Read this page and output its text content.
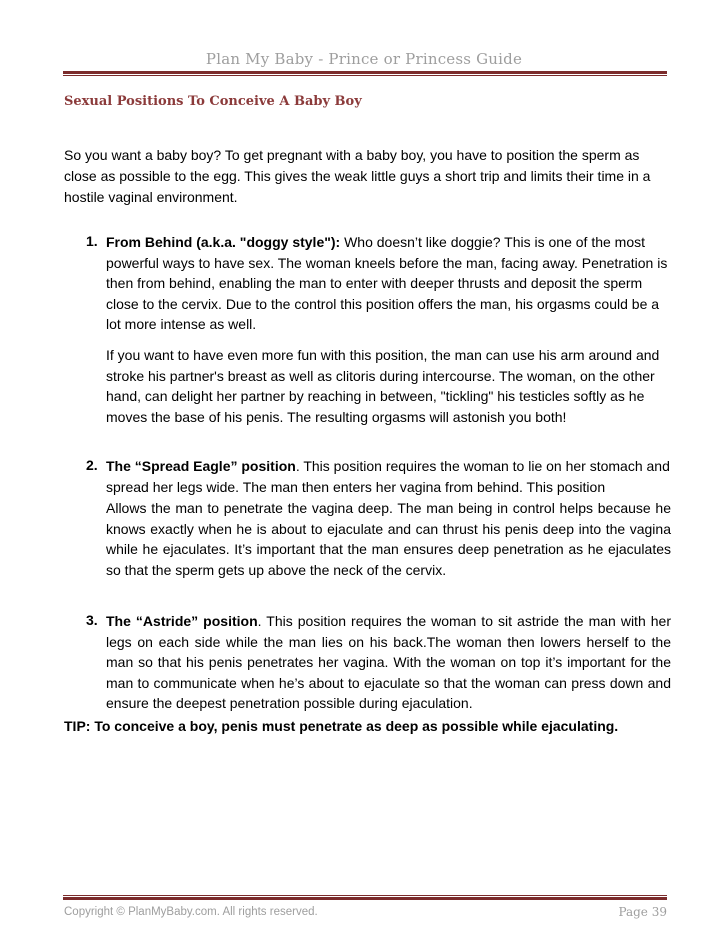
Plan My Baby - Prince or Princess Guide
Sexual Positions To Conceive A Baby Boy

So you want a baby boy? To get pregnant with a baby boy, you have to position the sperm as close as possible to the egg. This gives the weak little guys a short trip and limits their time in a hostile vaginal environment.

1. From Behind (a.k.a. "doggy style"): Who doesn’t like doggie? This is one of the most powerful ways to have sex. The woman kneels before the man, facing away. Penetration is then from behind, enabling the man to enter with deeper thrusts and deposit the sperm close to the cervix. Due to the control this position offers the man, his orgasms could be a lot more intense as well.

If you want to have even more fun with this position, the man can use his arm around and stroke his partner's breast as well as clitoris during intercourse. The woman, on the other hand, can delight her partner by reaching in between, "tickling" his testicles softly as he moves the base of his penis. The resulting orgasms will astonish you both!

2. The “Spread Eagle” position. This position requires the woman to lie on her stomach and spread her legs wide. The man then enters her vagina from behind. This position

Allows the man to penetrate the vagina deep. The man being in control helps because he knows exactly when he is about to ejaculate and can thrust his penis deep into the vagina while he ejaculates. It’s important that the man ensures deep penetration as he ejaculates so that the sperm gets up above the neck of the cervix.

3. The “Astride” position. This position requires the woman to sit astride the man with her legs on each side while the man lies on his back.The woman then lowers herself to the man so that his penis penetrates her vagina. With the woman on top it’s important for the man to communicate when he’s about to ejaculate so that the woman can press down and ensure the deepest penetration possible during ejaculation.

TIP: To conceive a boy, penis must penetrate as deep as possible while ejaculating.

Copyright © PlanMyBaby.com. All rights reserved.	Page 39
